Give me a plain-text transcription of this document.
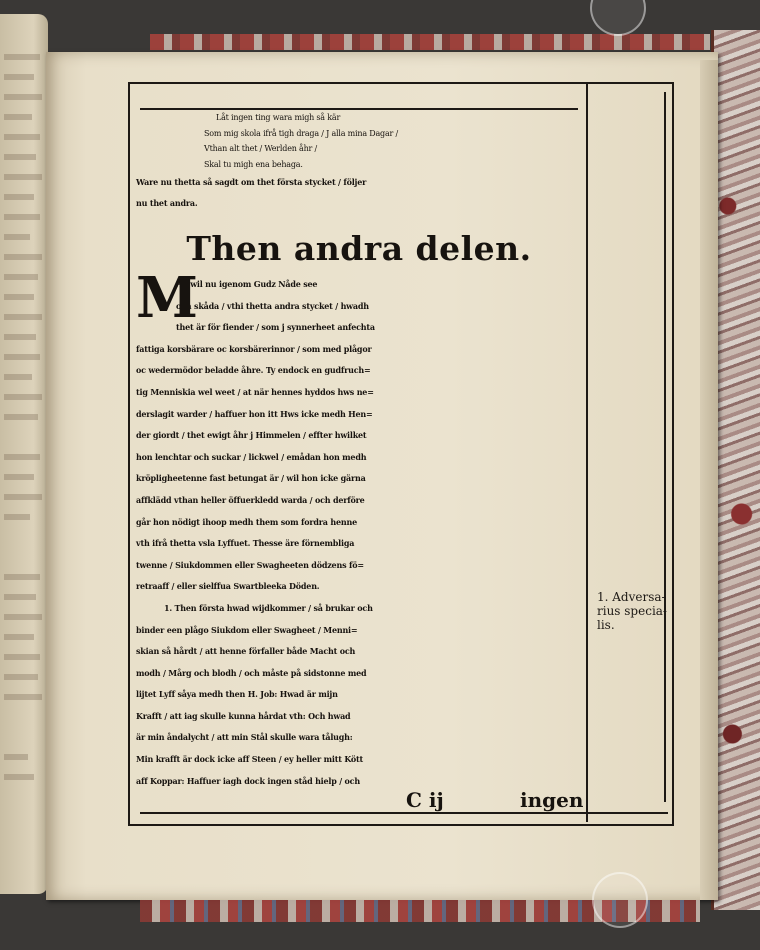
Låt ingen ting wara migh så kär

Som mig skola ifrå tigh draga / J alla mina Dagar /

Vthan alt thet / Werlden åhr /

Skal tu migh ena behaga.

Ware nu thetta så sagdt om thet första stycket / följer

nu thet andra.

Then andra delen.
M

An wil nu igenom Gudz Nåde see

och skåda / vthi thetta andra stycket / hwadh

thet är för fiender / som j synnerheet anfechta

fattiga korsbärare oc korsbärerinnor / som med plågor

oc wedermödor beladde åhre. Ty endock en gudfruch=

tig Menniskia wel weet / at när hennes hyddos hws ne=

derslagit warder / haffuer hon itt Hws icke medh Hen=

der giordt / thet ewigt åhr j Himmelen / effter hwilket

hon lenchtar och suckar / lickwel / emådan hon medh

kröpligheetenne fast betungat är / wil hon icke gärna

affklädd vthan heller öffuerkledd warda / och derföre

går hon nödigt ihoop medh them som fordra henne

vth ifrå thetta vsla Lyffuet. Thesse äre förnembliga

twenne / Siukdommen eller Swagheeten dödzens fö=

retraaff / eller sielffua Swartbleeka Döden.

1. Then första hwad wijdkommer / så brukar och

binder een plågo Siukdom eller Swagheet / Menni=

skian så hårdt / att henne förfaller både Macht och

modh / Mårg och blodh / och måste på sidstonne med

lijtet Lyff såya medh then H. Job: Hwad är mijn

Krafft / att iag skulle kunna hårdat vth: Och hwad

är min åndalycht / att min Stål skulle wara tålugh:

Min krafft är dock icke aff Steen / ey heller mitt Kött

aff Koppar: Haffuer iagh dock ingen ståd hielp / och

1. Adversa-

rius specia-

lis.

C ij	ingen
